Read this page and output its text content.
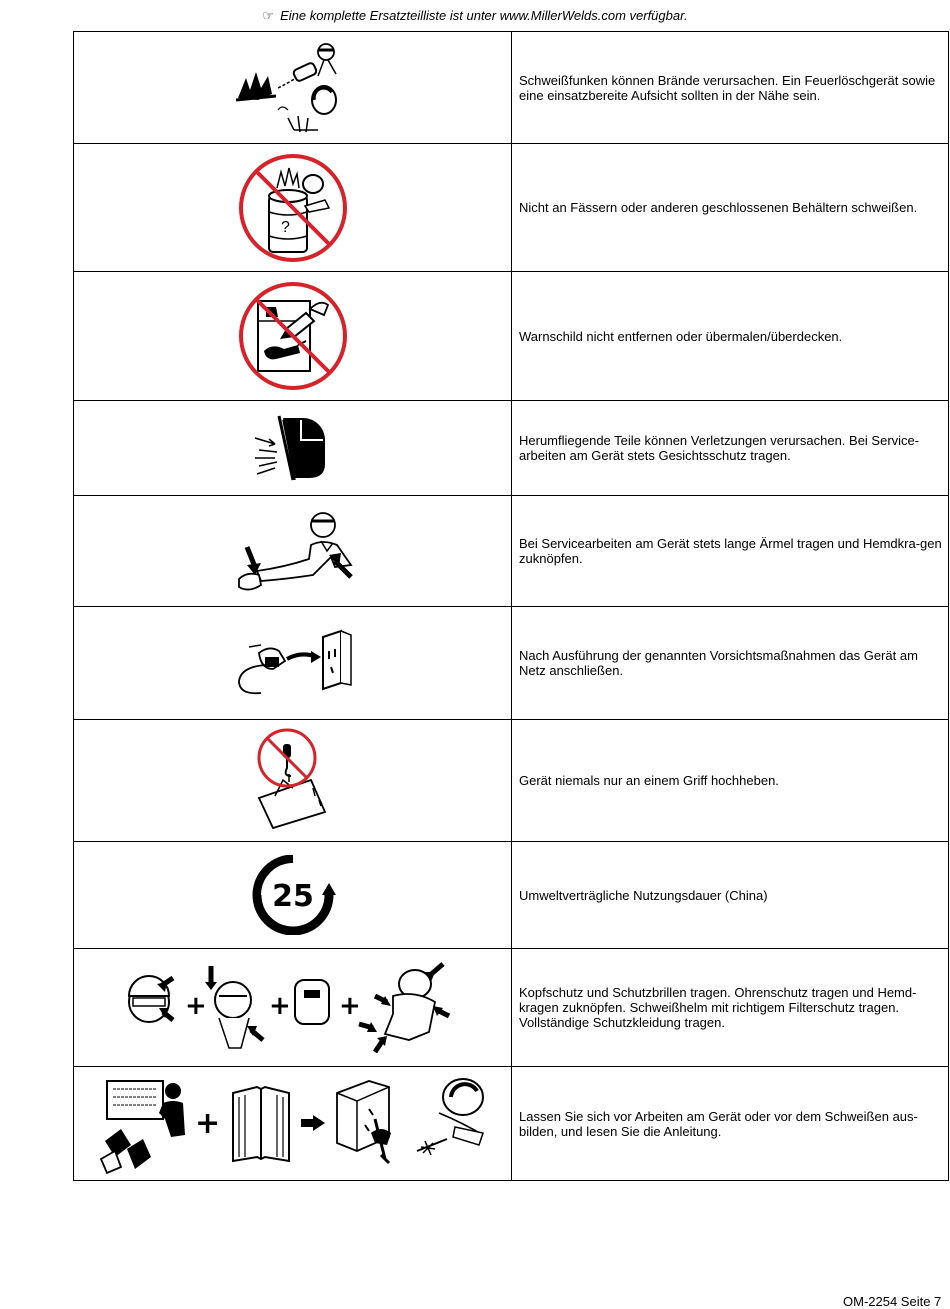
☞ Eine komplette Ersatzteilliste ist unter www.MillerWelds.com verfügbar.
	Schweißfunken können Brände verursachen. Ein Feuerlöschgerät sowie eine einsatzbereite Aufsicht sollten in der Nähe sein.

?	Nicht an Fässern oder anderen geschlossenen Behältern schweißen.

	Warnschild nicht entfernen oder übermalen/überdecken.

	Herumfliegende Teile können Verletzungen verursachen. Bei Service-arbeiten am Gerät stets Gesichtsschutz tragen.

	Bei Servicearbeiten am Gerät stets lange Ärmel tragen und Hemdkra-gen zuknöpfen.

	Nach Ausführung der genannten Vorsichtsmaßnahmen das Gerät am Netz anschließen.

	Gerät niemals nur an einem Griff hochheben.

25	Umweltverträgliche Nutzungsdauer (China)

+ + +	Kopfschutz und Schutzbrillen tragen. Ohrenschutz tragen und Hemd-kragen zuknöpfen. Schweißhelm mit richtigem Filterschutz tragen. Vollständige Schutzkleidung tragen.

+	Lassen Sie sich vor Arbeiten am Gerät oder vor dem Schweißen aus-bilden, und lesen Sie die Anleitung.
OM-2254 Seite 7
